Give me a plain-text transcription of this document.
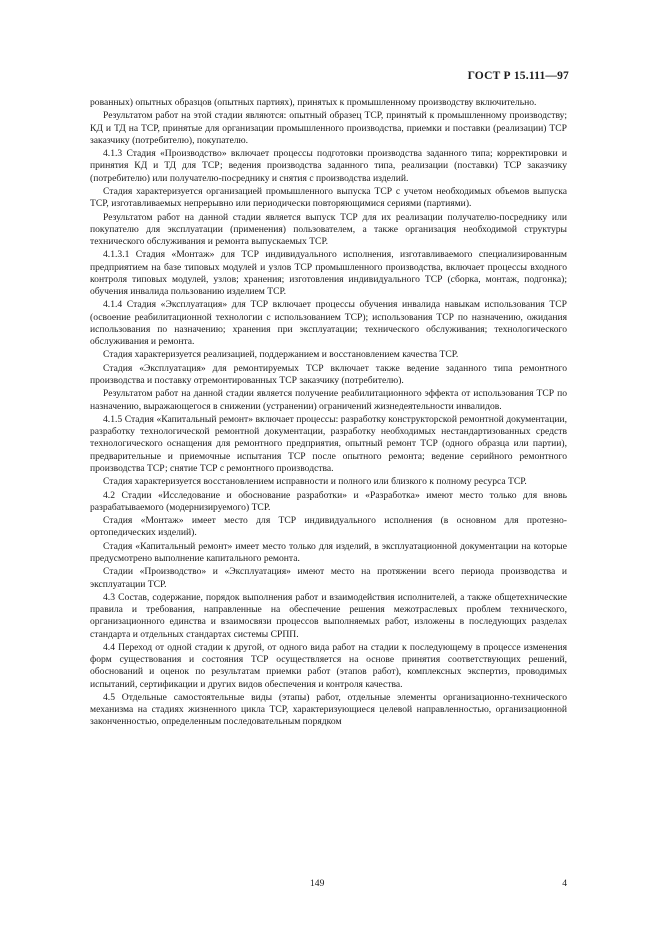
ГОСТ Р 15.111—97

рованных) опытных образцов (опытных партиях), принятых к промышленному производству включительно.

Результатом работ на этой стадии являются: опытный образец ТСР, принятый к промышленному производству; КД и ТД на ТСР, принятые для организации промышленного производства, приемки и поставки (реализации) ТСР заказчику (потребителю), покупателю.

4.1.3 Стадия «Производство» включает процессы подготовки производства заданного типа; корректировки и принятия КД и ТД для ТСР; ведения производства заданного типа, реализации (поставки) ТСР заказчику (потребителю) или получателю-посреднику и снятия с производства изделий.

Стадия характеризуется организацией промышленного выпуска ТСР с учетом необходимых объемов выпуска ТСР, изготавливаемых непрерывно или периодически повторяющимися сериями (партиями).

Результатом работ на данной стадии является выпуск ТСР для их реализации получателю-посреднику или покупателю для эксплуатации (применения) пользователем, а также организация необходимой структуры технического обслуживания и ремонта выпускаемых ТСР.

4.1.3.1 Стадия «Монтаж» для ТСР индивидуального исполнения, изготавливаемого специализированным предприятием на базе типовых модулей и узлов ТСР промышленного производства, включает процессы входного контроля типовых модулей, узлов; хранения; изготовления индивидуального ТСР (сборка, монтаж, подгонка); обучения инвалида пользованию изделием ТСР.

4.1.4 Стадия «Эксплуатация» для ТСР включает процессы обучения инвалида навыкам использования ТСР (освоение реабилитационной технологии с использованием ТСР); использования ТСР по назначению, ожидания использования по назначению; хранения при эксплуатации; технического обслуживания; технологического обслуживания и ремонта.

Стадия характеризуется реализацией, поддержанием и восстановлением качества ТСР.

Стадия «Эксплуатация» для ремонтируемых ТСР включает также ведение заданного типа ремонтного производства и поставку отремонтированных ТСР заказчику (потребителю).

Результатом работ на данной стадии является получение реабилитационного эффекта от использования ТСР по назначению, выражающегося в снижении (устранении) ограничений жизнедеятельности инвалидов.

4.1.5 Стадия «Капитальный ремонт» включает процессы: разработку конструкторской ремонтной документации, разработку технологической ремонтной документации, разработку необходимых нестандартизованных средств технологического оснащения для ремонтного предприятия, опытный ремонт ТСР (одного образца или партии), предварительные и приемочные испытания ТСР после опытного ремонта; ведение серийного ремонтного производства ТСР; снятие ТСР с ремонтного производства.

Стадия характеризуется восстановлением исправности и полного или близкого к полному ресурса ТСР.

4.2 Стадии «Исследование и обоснование разработки» и «Разработка» имеют место только для вновь разрабатываемого (модернизируемого) ТСР.

Стадия «Монтаж» имеет место для ТСР индивидуального исполнения (в основном для протезно-ортопедических изделий).

Стадия «Капитальный ремонт» имеет место только для изделий, в эксплуатационной документации на которые предусмотрено выполнение капитального ремонта.

Стадии «Производство» и «Эксплуатация» имеют место на протяжении всего периода производства и эксплуатации ТСР.

4.3 Состав, содержание, порядок выполнения работ и взаимодействия исполнителей, а также общетехнические правила и требования, направленные на обеспечение решения межотраслевых проблем технического, организационного единства и взаимосвязи процессов выполняемых работ, изложены в последующих разделах стандарта и отдельных стандартах системы СРПП.

4.4 Переход от одной стадии к другой, от одного вида работ на стадии к последующему в процессе изменения форм существования и состояния ТСР осуществляется на основе принятия соответствующих решений, обоснований и оценок по результатам приемки работ (этапов работ), комплексных экспертиз, проводимых испытаний, сертификации и других видов обеспечения и контроля качества.

4.5 Отдельные самостоятельные виды (этапы) работ, отдельные элементы организационно-технического механизма на стадиях жизненного цикла ТСР, характеризующиеся целевой направленностью, организационной законченностью, определенным последовательным порядком

149	4
